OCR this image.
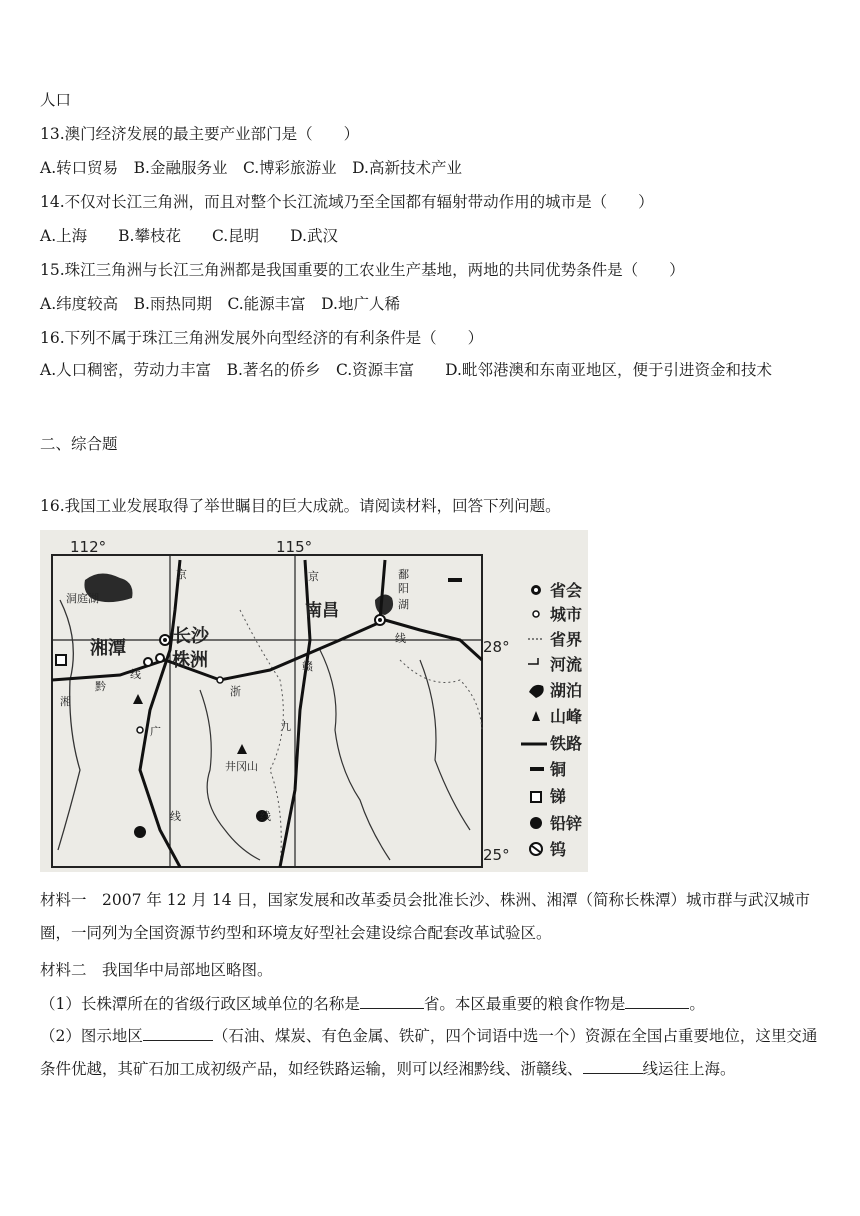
人口
13.澳门经济发展的最主要产业部门是（　　）
A.转口贸易　B.金融服务业　C.博彩旅游业　D.高新技术产业
14.不仅对长江三角洲，而且对整个长江流域乃至全国都有辐射带动作用的城市是（　　）
A.上海　　B.攀枝花　　C.昆明　　D.武汉
15.珠江三角洲与长江三角洲都是我国重要的工农业生产基地，两地的共同优势条件是（　　）
A.纬度较高　B.雨热同期　C.能源丰富　D.地广人稀
16.下列不属于珠江三角洲发展外向型经济的有利条件是（　　）
A.人口稠密，劳动力丰富　B.著名的侨乡　C.资源丰富　　D.毗邻港澳和东南亚地区，便于引进资金和技术
二、综合题
16.我国工业发展取得了举世瞩目的巨大成就。请阅读材料，回答下列问题。
112°	115°
28°
25°
湘潭
长沙
株洲
南昌
洞庭湖
井冈山
京
广
线
湘
黔
线
浙
赣
线
京
九
线
鄱
阳
湖
省会
城市
省界
河流
湖泊
山峰
铁路
铜
锑
铅锌
钨
材料一　2007 年 12 月 14 日，国家发展和改革委员会批准长沙、株洲、湘潭（简称长株潭）城市群与武汉城市圈，一同列为全国资源节约型和环境友好型社会建设综合配套改革试验区。
材料二　我国华中局部地区略图。
（1）长株潭所在的省级行政区域单位的名称是	省。本区最重要的粮食作物是	。
（2）图示地区	（石油、煤炭、有色金属、铁矿，四个词语中选一个）资源在全国占重要地位，这里交通条件优越，其矿石加工成初级产品，如经铁路运输，则可以经湘黔线、浙赣线、	线运往上海。
